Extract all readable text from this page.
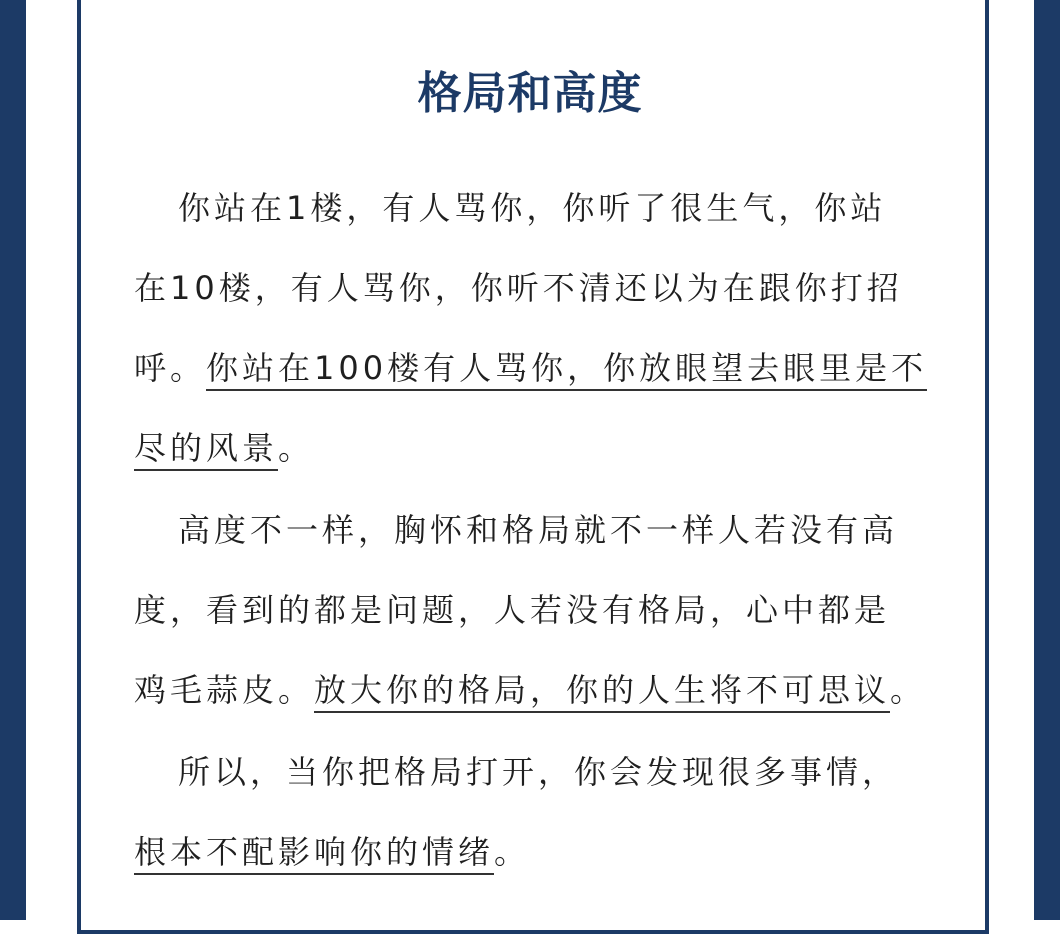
格局和高度
你站在1楼，有人骂你，你听了很生气，你站
在10楼，有人骂你，你听不清还以为在跟你打招
呼。你站在100楼有人骂你，你放眼望去眼里是不
尽的风景。
高度不一样，胸怀和格局就不一样人若没有高
度，看到的都是问题，人若没有格局，心中都是
鸡毛蒜皮。放大你的格局，你的人生将不可思议。
所以，当你把格局打开，你会发现很多事情，
根本不配影响你的情绪。
